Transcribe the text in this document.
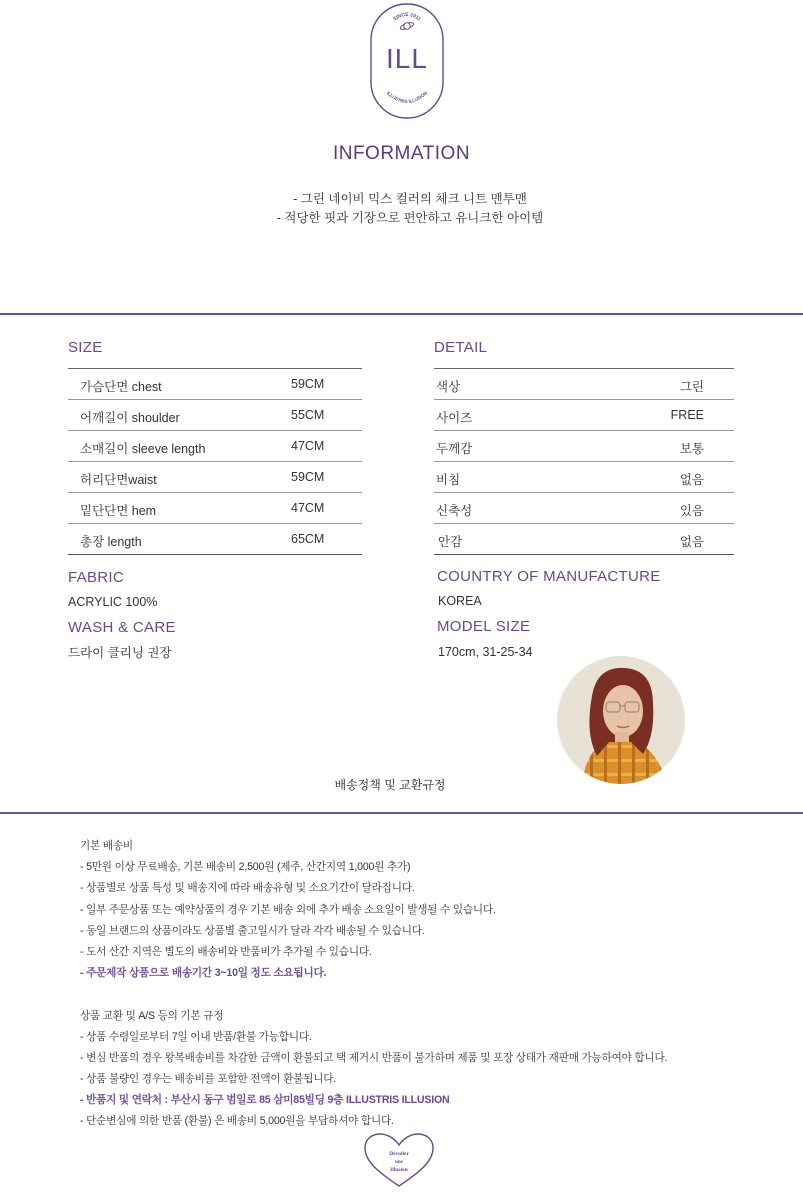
SINCE 2011
ILL
ILLUSTRIS ILLUSION
INFORMATION
- 그린 네이비 믹스 컬러의 체크 니트 맨투맨
- 적당한 핏과 기장으로 편안하고 유니크한 아이템
SIZE
가슴단면 chest	59CM
어깨길이 shoulder	55CM
소매길이 sleeve length	47CM
허리단면waist	59CM
밑단단면 hem	47CM
총장 length	65CM
DETAIL
색상	그린
사이즈	FREE
두께감	보통
비침	없음
신축성	있음
안감	없음
FABRIC
ACRYLIC 100%
WASH & CARE
드라이 클리닝 권장
COUNTRY OF MANUFACTURE
KOREA
MODEL SIZE
170cm, 31-25-34
배송정책 및 교환규정
기본 배송비
- 5만원 이상 무료배송, 기본 배송비 2,500원 (제주, 산간지역 1,000원 추가)
- 상품별로 상품 특성 및 배송지에 따라 배송유형 및 소요기간이 달라집니다.
- 일부 주문상품 또는 예약상품의 경우 기본 배송 외에 추가 배송 소요일이 발생될 수 있습니다.
- 동일 브랜드의 상품이라도 상품별 출고일시가 달라 각각 배송될 수 있습니다.
- 도서 산간 지역은 별도의 배송비와 반품비가 추가될 수 있습니다.
- 주문제작 상품으로 배송기간 3~10일 정도 소요됩니다.
상품 교환 및 A/S 등의 기본 규정
- 상품 수령일로부터 7일 이내 반품/환불 가능합니다.
- 변심 반품의 경우 왕복배송비를 차감한 금액이 환불되고 택 제거시 반품이 불가하며 제품 및 포장 상태가 재판매 가능하여야 합니다.
- 상품 불량인 경우는 배송비를 포함한 전액이 환불됩니다.
- 반품지 및 연락처 : 부산시 동구 범일로 85 삼미85빌딩 9층 ILLUSTRIS ILLUSION
- 단순변심에 의한 반품 (환불) 은 배송비 5,000원을 부담하셔야 합니다.
Dévoiler
une
Illusion
